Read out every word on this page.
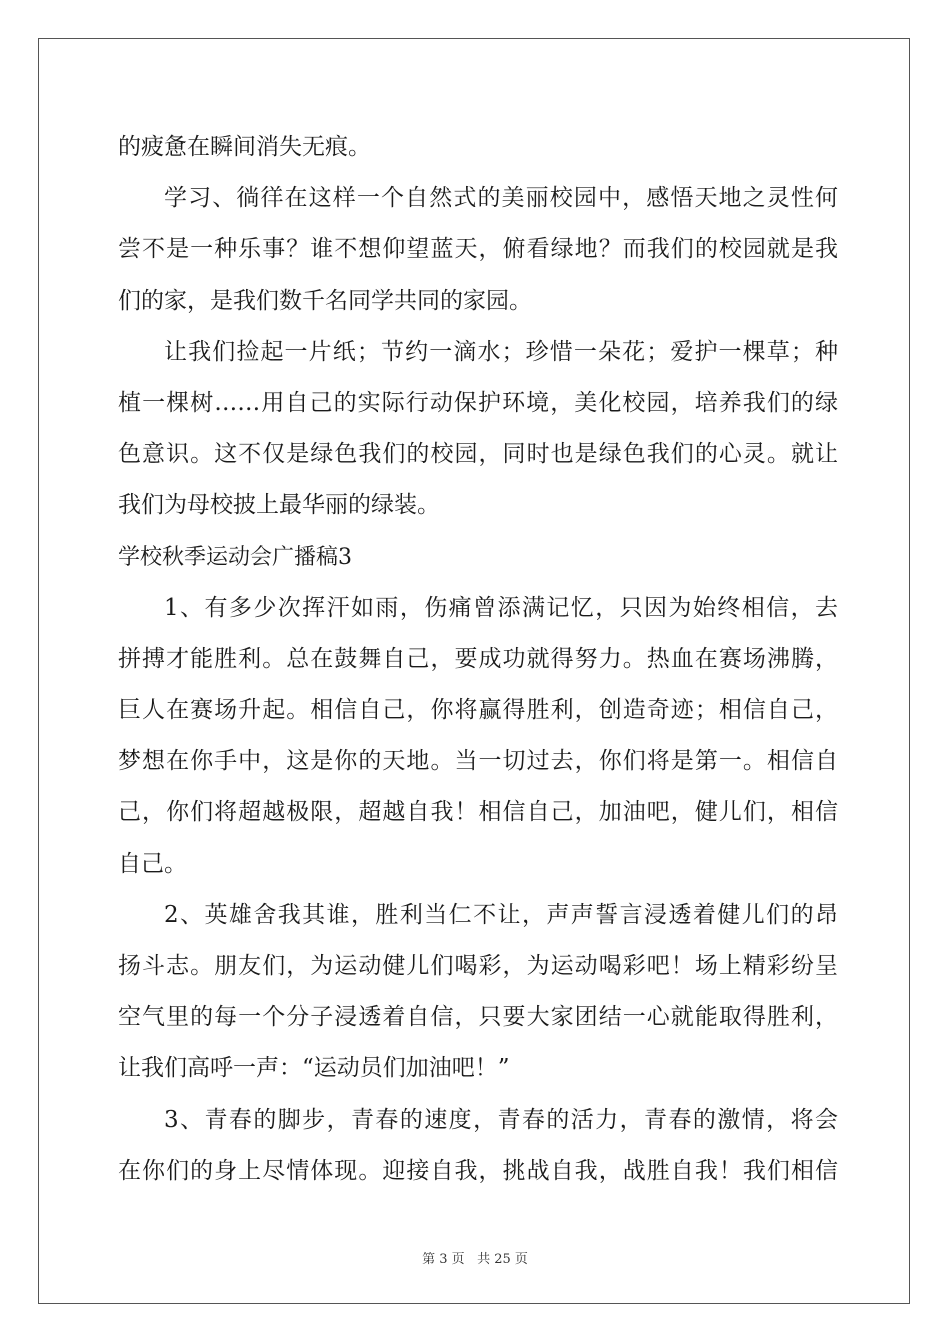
的疲惫在瞬间消失无痕。
学习、徜徉在这样一个自然式的美丽校园中，感悟天地之灵性何
尝不是一种乐事？谁不想仰望蓝天，俯看绿地？而我们的校园就是我
们的家，是我们数千名同学共同的家园。
让我们捡起一片纸；节约一滴水；珍惜一朵花；爱护一棵草；种
植一棵树……用自己的实际行动保护环境，美化校园，培养我们的绿
色意识。这不仅是绿色我们的校园，同时也是绿色我们的心灵。就让
我们为母校披上最华丽的绿装。
学校秋季运动会广播稿3
1、有多少次挥汗如雨，伤痛曾添满记忆，只因为始终相信，去
拼搏才能胜利。总在鼓舞自己，要成功就得努力。热血在赛场沸腾，
巨人在赛场升起。相信自己，你将赢得胜利，创造奇迹；相信自己，
梦想在你手中，这是你的天地。当一切过去，你们将是第一。相信自
己，你们将超越极限，超越自我！相信自己，加油吧，健儿们，相信
自己。
2、英雄舍我其谁，胜利当仁不让，声声誓言浸透着健儿们的昂
扬斗志。朋友们，为运动健儿们喝彩，为运动喝彩吧！场上精彩纷呈
空气里的每一个分子浸透着自信，只要大家团结一心就能取得胜利，
让我们高呼一声：“运动员们加油吧！”
3、青春的脚步，青春的速度，青春的活力，青春的激情，将会
在你们的身上尽情体现。迎接自我，挑战自我，战胜自我！我们相信
第 3 页 共 25 页
